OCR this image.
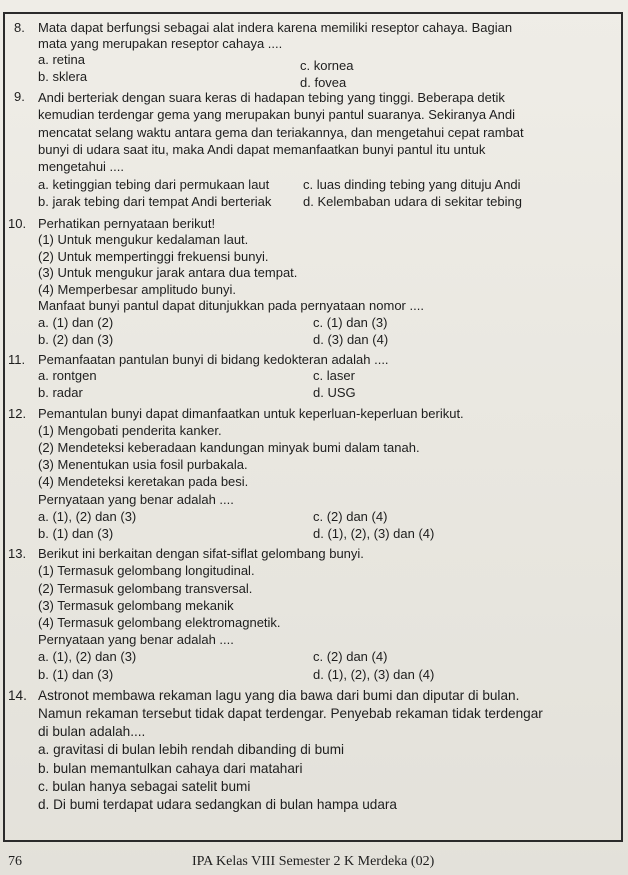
8. Mata dapat berfungsi sebagai alat indera karena memiliki reseptor cahaya. Bagian

mata yang merupakan reseptor cahaya ....

a. retina	c. kornea
b. sklera	d. fovea
9. Andi berteriak dengan suara keras di hadapan tebing yang tinggi. Beberapa detik

kemudian terdengar gema yang merupakan bunyi pantul suaranya. Sekiranya Andi

mencatat selang waktu antara gema dan teriakannya, dan mengetahui cepat rambat

bunyi di udara saat itu, maka Andi dapat memanfaatkan bunyi pantul itu untuk

mengetahui ....

a. ketinggian tebing dari permukaan laut	c. luas dinding tebing yang dituju Andi
b. jarak tebing dari tempat Andi berteriak	d. Kelembaban udara di sekitar tebing
10. Perhatikan pernyataan berikut!

(1) Untuk mengukur kedalaman laut.

(2) Untuk mempertinggi frekuensi bunyi.

(3) Untuk mengukur jarak antara dua tempat.

(4) Memperbesar amplitudo bunyi.

Manfaat bunyi pantul dapat ditunjukkan pada pernyataan nomor ....

a. (1) dan (2)	c. (1) dan (3)
b. (2) dan (3)	d. (3) dan (4)
11. Pemanfaatan pantulan bunyi di bidang kedokteran adalah ....

a. rontgen	c. laser
b. radar	d. USG
12. Pemantulan bunyi dapat dimanfaatkan untuk keperluan-keperluan berikut.

(1) Mengobati penderita kanker.

(2) Mendeteksi keberadaan kandungan minyak bumi dalam tanah.

(3) Menentukan usia fosil purbakala.

(4) Mendeteksi keretakan pada besi.

Pernyataan yang benar adalah ....

a. (1), (2) dan (3)	c. (2) dan (4)
b. (1) dan (3)	d. (1), (2), (3) dan (4)
13. Berikut ini berkaitan dengan sifat-siflat gelombang bunyi.

(1) Termasuk gelombang longitudinal.

(2) Termasuk gelombang transversal.

(3) Termasuk gelombang mekanik

(4) Termasuk gelombang elektromagnetik.

Pernyataan yang benar adalah ....

a. (1), (2) dan (3)	c. (2) dan (4)
b. (1) dan (3)	d. (1), (2), (3) dan (4)
14. Astronot membawa rekaman lagu yang dia bawa dari bumi dan diputar di bulan.

Namun rekaman tersebut tidak dapat terdengar. Penyebab rekaman tidak terdengar

di bulan adalah....

a. gravitasi di bulan lebih rendah dibanding di bumi
b. bulan memantulkan cahaya dari matahari
c. bulan hanya sebagai satelit bumi
d. Di bumi terdapat udara sedangkan di bulan hampa udara
76	IPA Kelas VIII Semester 2 K Merdeka (02)
